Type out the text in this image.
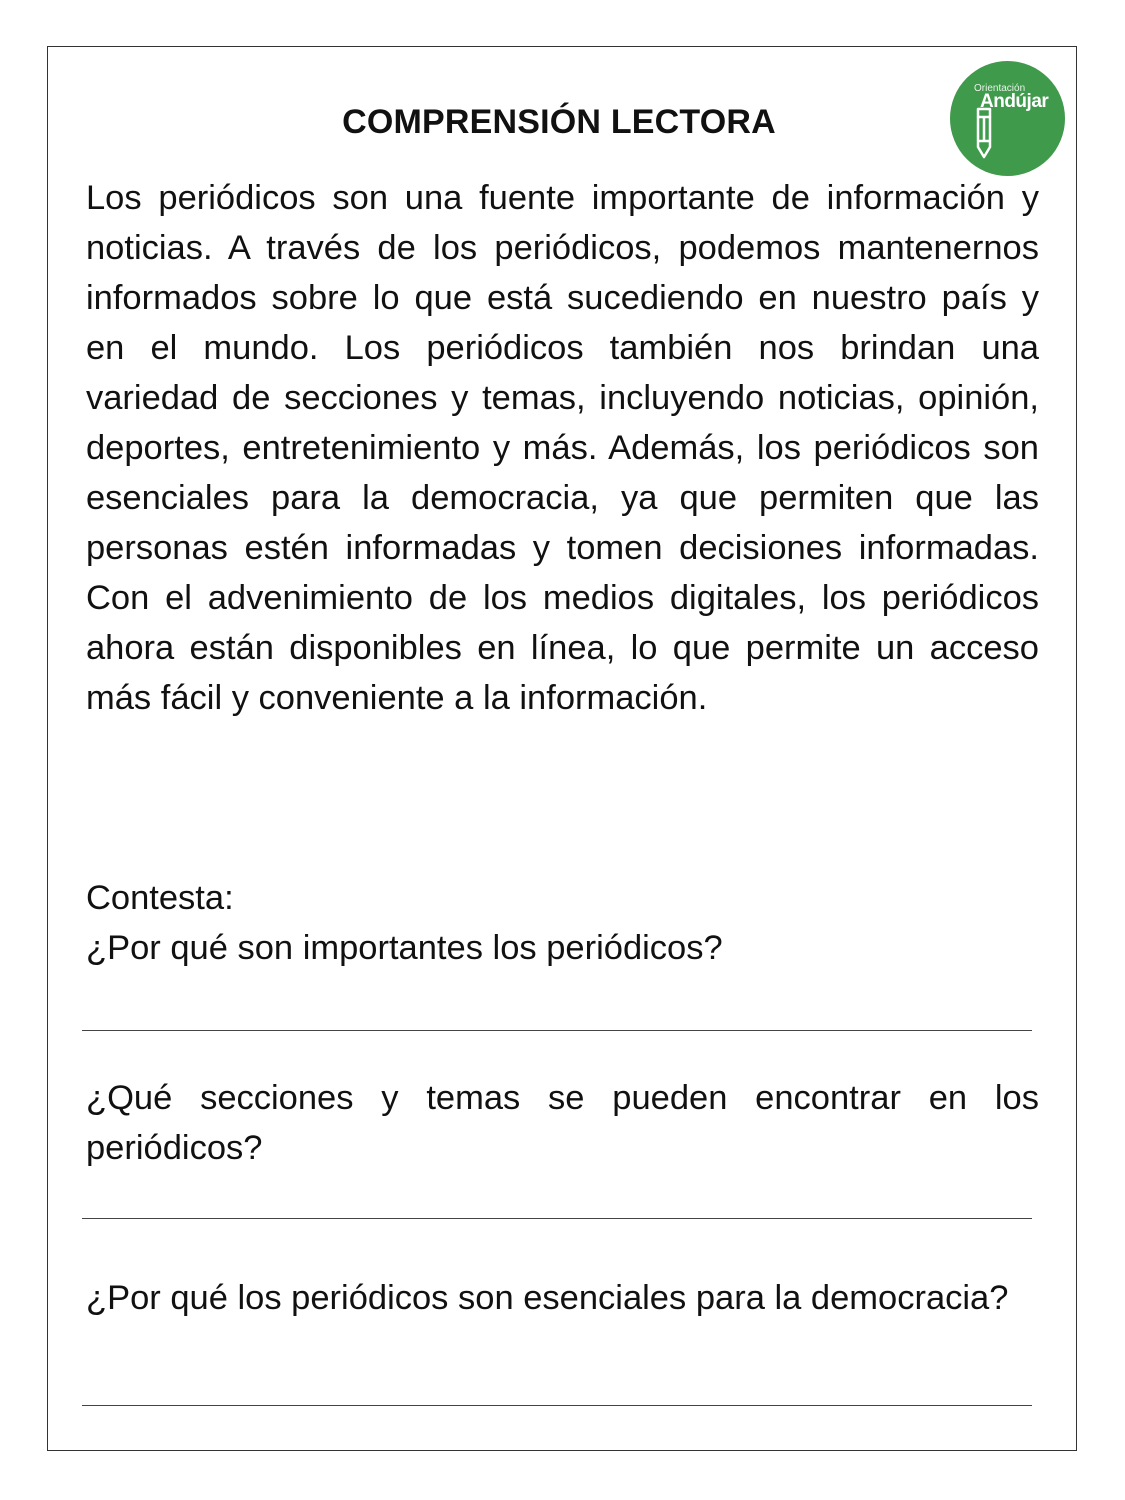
COMPRENSIÓN LECTORA
Orientación
Andújar
Los periódicos son una fuente importante de información y noticias. A través de los periódicos, podemos mantenernos informados sobre lo que está sucediendo en nuestro país y en el mundo. Los periódicos también nos brindan una variedad de secciones y temas, incluyendo noticias, opinión, deportes, entretenimiento y más. Además, los periódicos son esenciales para la democracia, ya que permiten que las personas estén informadas y tomen decisiones informadas. Con el advenimiento de los medios digitales, los periódicos ahora están disponibles en línea, lo que permite un acceso más fácil y conveniente a la información.
Contesta:
¿Por qué son importantes los periódicos?
¿Qué secciones y temas se pueden encontrar en los periódicos?
¿Por qué los periódicos son esenciales para la democracia?
